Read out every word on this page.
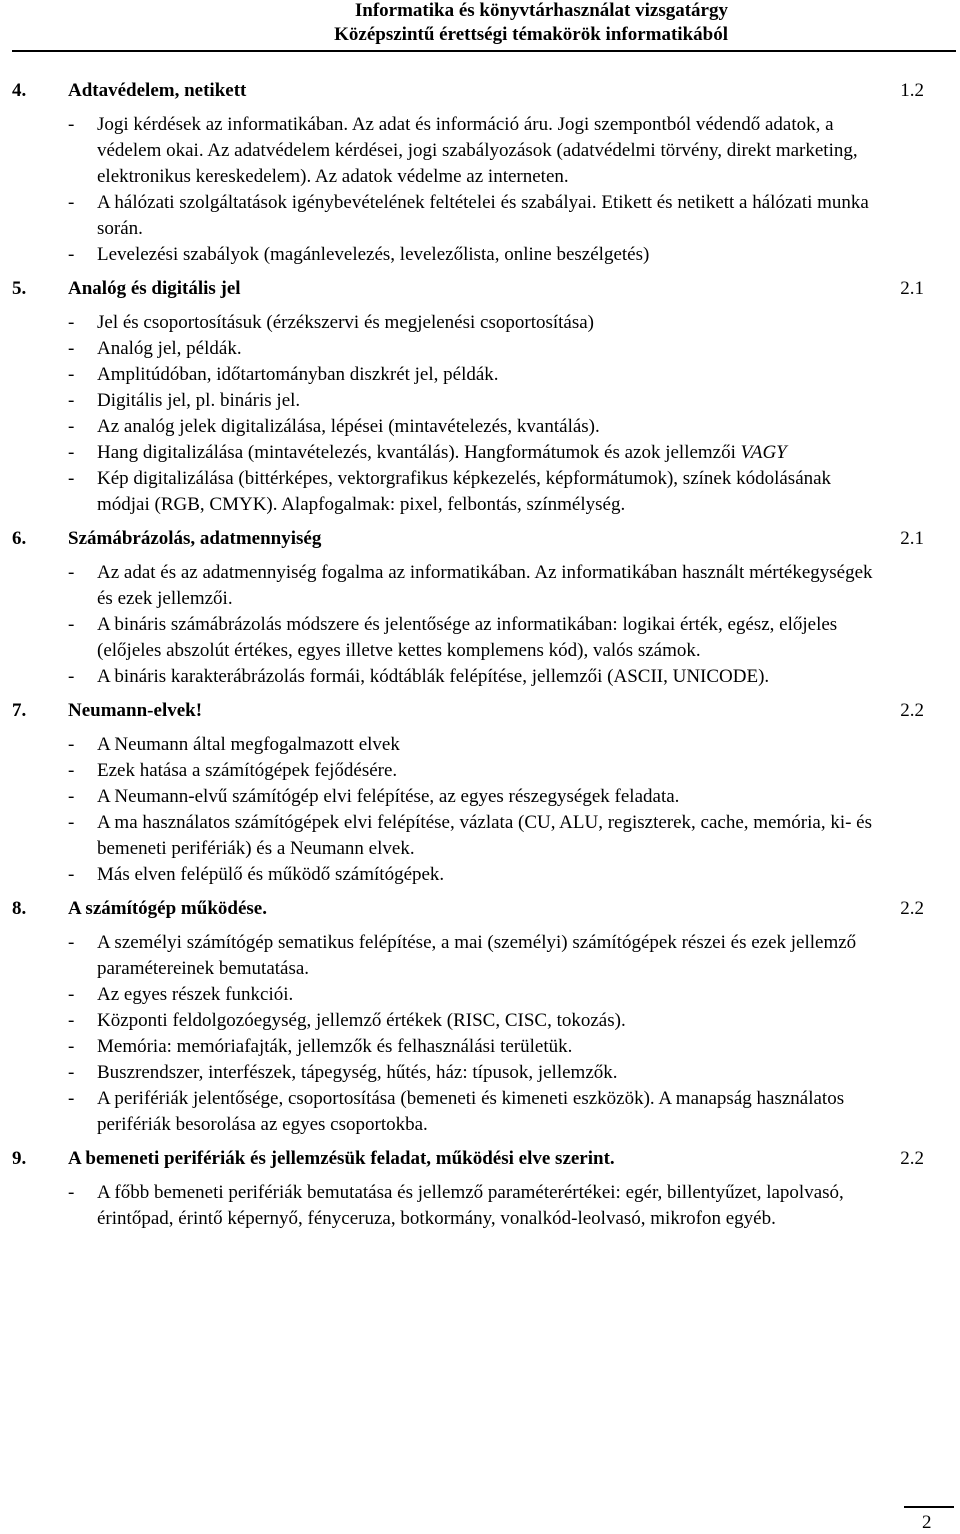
Informatika és könyvtárhasználat vizsgatárgy
Középszintű érettségi témakörök informatikából
4. Adtavédelem, netikett	1.2
- Jogi kérdések az informatikában. Az adat és információ áru. Jogi szempontból védendő adatok, a védelem okai. Az adatvédelem kérdései, jogi szabályozások (adatvédelmi törvény, direkt marketing, elektronikus kereskedelem). Az adatok védelme az interneten.
- A hálózati szolgáltatások igénybevételének feltételei és szabályai. Etikett és netikett a hálózati munka során.
- Levelezési szabályok (magánlevelezés, levelezőlista, online beszélgetés)
5. Analóg és digitális jel	2.1
- Jel és csoportosításuk (érzékszervi és megjelenési csoportosítása)
- Analóg jel, példák.
- Amplitúdóban, időtartományban diszkrét jel, példák.
- Digitális jel, pl. bináris jel.
- Az analóg jelek digitalizálása, lépései (mintavételezés, kvantálás).
- Hang digitalizálása (mintavételezés, kvantálás). Hangformátumok és azok jellemzői VAGY
- Kép digitalizálása (bittérképes, vektorgrafikus képkezelés, képformátumok), színek kódolásának módjai (RGB, CMYK). Alapfogalmak: pixel, felbontás, színmélység.
6. Számábrázolás, adatmennyiség	2.1
- Az adat és az adatmennyiség fogalma az informatikában. Az informatikában használt mértékegységek és ezek jellemzői.
- A bináris számábrázolás módszere és jelentősége az informatikában: logikai érték, egész, előjeles (előjeles abszolút értékes, egyes illetve kettes komplemens kód), valós számok.
- A bináris karakterábrázolás formái, kódtáblák felépítése, jellemzői (ASCII, UNICODE).
7. Neumann-elvek!	2.2
- A Neumann által megfogalmazott elvek
- Ezek hatása a számítógépek fejődésére.
- A Neumann-elvű számítógép elvi felépítése, az egyes részegységek feladata.
- A ma használatos számítógépek elvi felépítése, vázlata (CU, ALU, regiszterek, cache, memória, ki- és bemeneti perifériák) és a Neumann elvek.
- Más elven felépülő és működő számítógépek.
8. A számítógép működése.	2.2
- A személyi számítógép sematikus felépítése, a mai (személyi) számítógépek részei és ezek jellemző paramétereinek bemutatása.
- Az egyes részek funkciói.
- Központi feldolgozóegység, jellemző értékek (RISC, CISC, tokozás).
- Memória: memóriafajták, jellemzők és felhasználási területük.
- Buszrendszer, interfészek, tápegység, hűtés, ház: típusok, jellemzők.
- A perifériák jelentősége, csoportosítása (bemeneti és kimeneti eszközök). A manapság használatos perifériák besorolása az egyes csoportokba.
9. A bemeneti perifériák és jellemzésük feladat, működési elve szerint.	2.2
- A főbb bemeneti perifériák bemutatása és jellemző paraméterértékei: egér, billentyűzet, lapolvasó, érintőpad, érintő képernyő, fényceruza, botkormány, vonalkód-leolvasó, mikrofon egyéb.
2
